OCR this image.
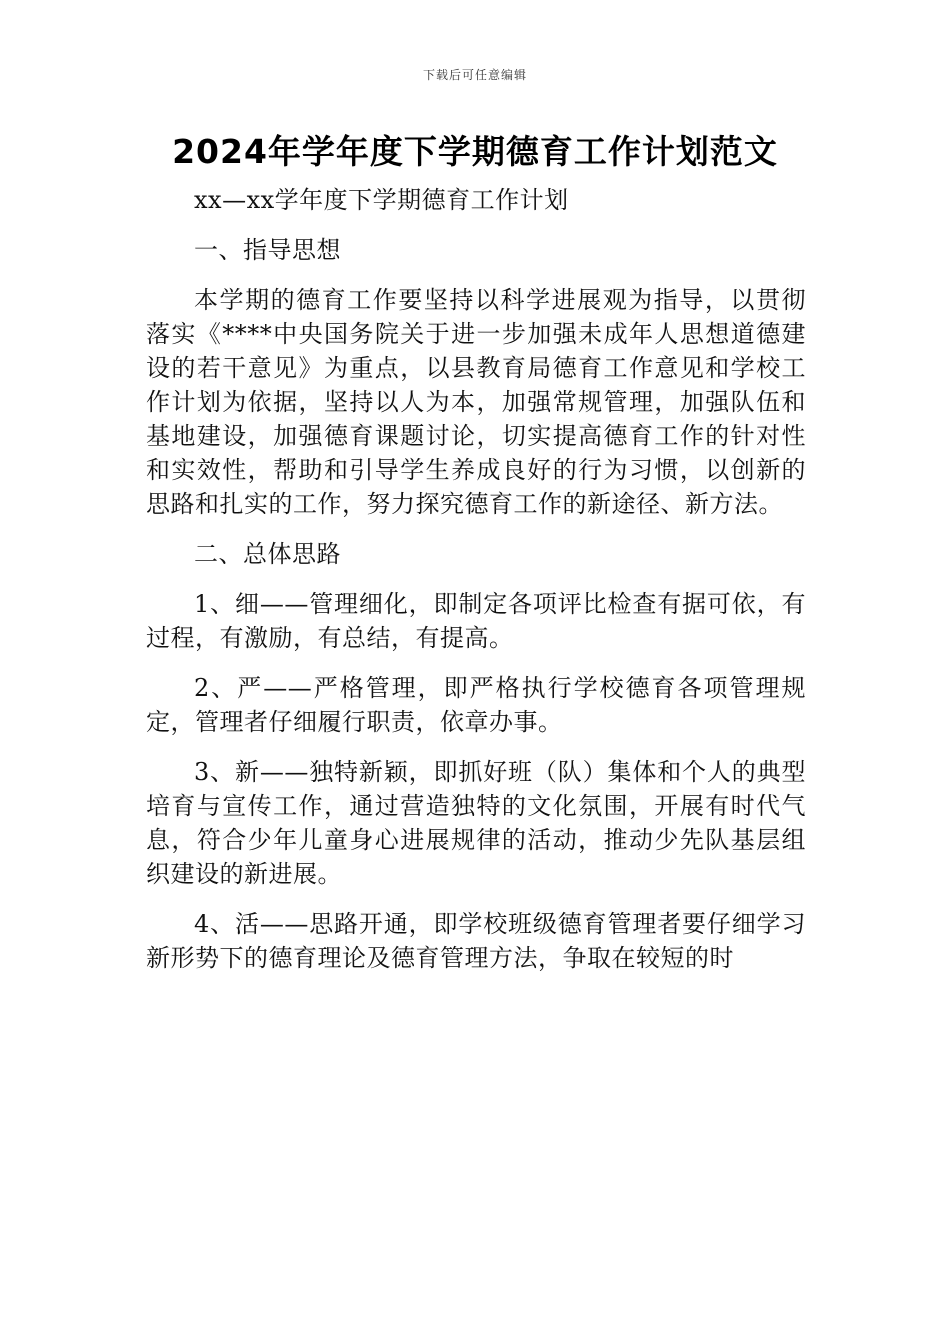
下载后可任意编辑
2024年学年度下学期德育工作计划范文

xx—xx学年度下学期德育工作计划

一、指导思想

本学期的德育工作要坚持以科学进展观为指导，以贯彻落实《****中央国务院关于进一步加强未成年人思想道德建设的若干意见》为重点，以县教育局德育工作意见和学校工作计划为依据，坚持以人为本，加强常规管理，加强队伍和基地建设，加强德育课题讨论，切实提高德育工作的针对性和实效性，帮助和引导学生养成良好的行为习惯，以创新的思路和扎实的工作，努力探究德育工作的新途径、新方法。

二、总体思路

1、细——管理细化，即制定各项评比检查有据可依，有过程，有激励，有总结，有提高。

2、严——严格管理，即严格执行学校德育各项管理规定，管理者仔细履行职责，依章办事。

3、新——独特新颖，即抓好班（队）集体和个人的典型培育与宣传工作，通过营造独特的文化氛围，开展有时代气息，符合少年儿童身心进展规律的活动，推动少先队基层组织建设的新进展。

4、活——思路开通，即学校班级德育管理者要仔细学习新形势下的德育理论及德育管理方法，争取在较短的时
